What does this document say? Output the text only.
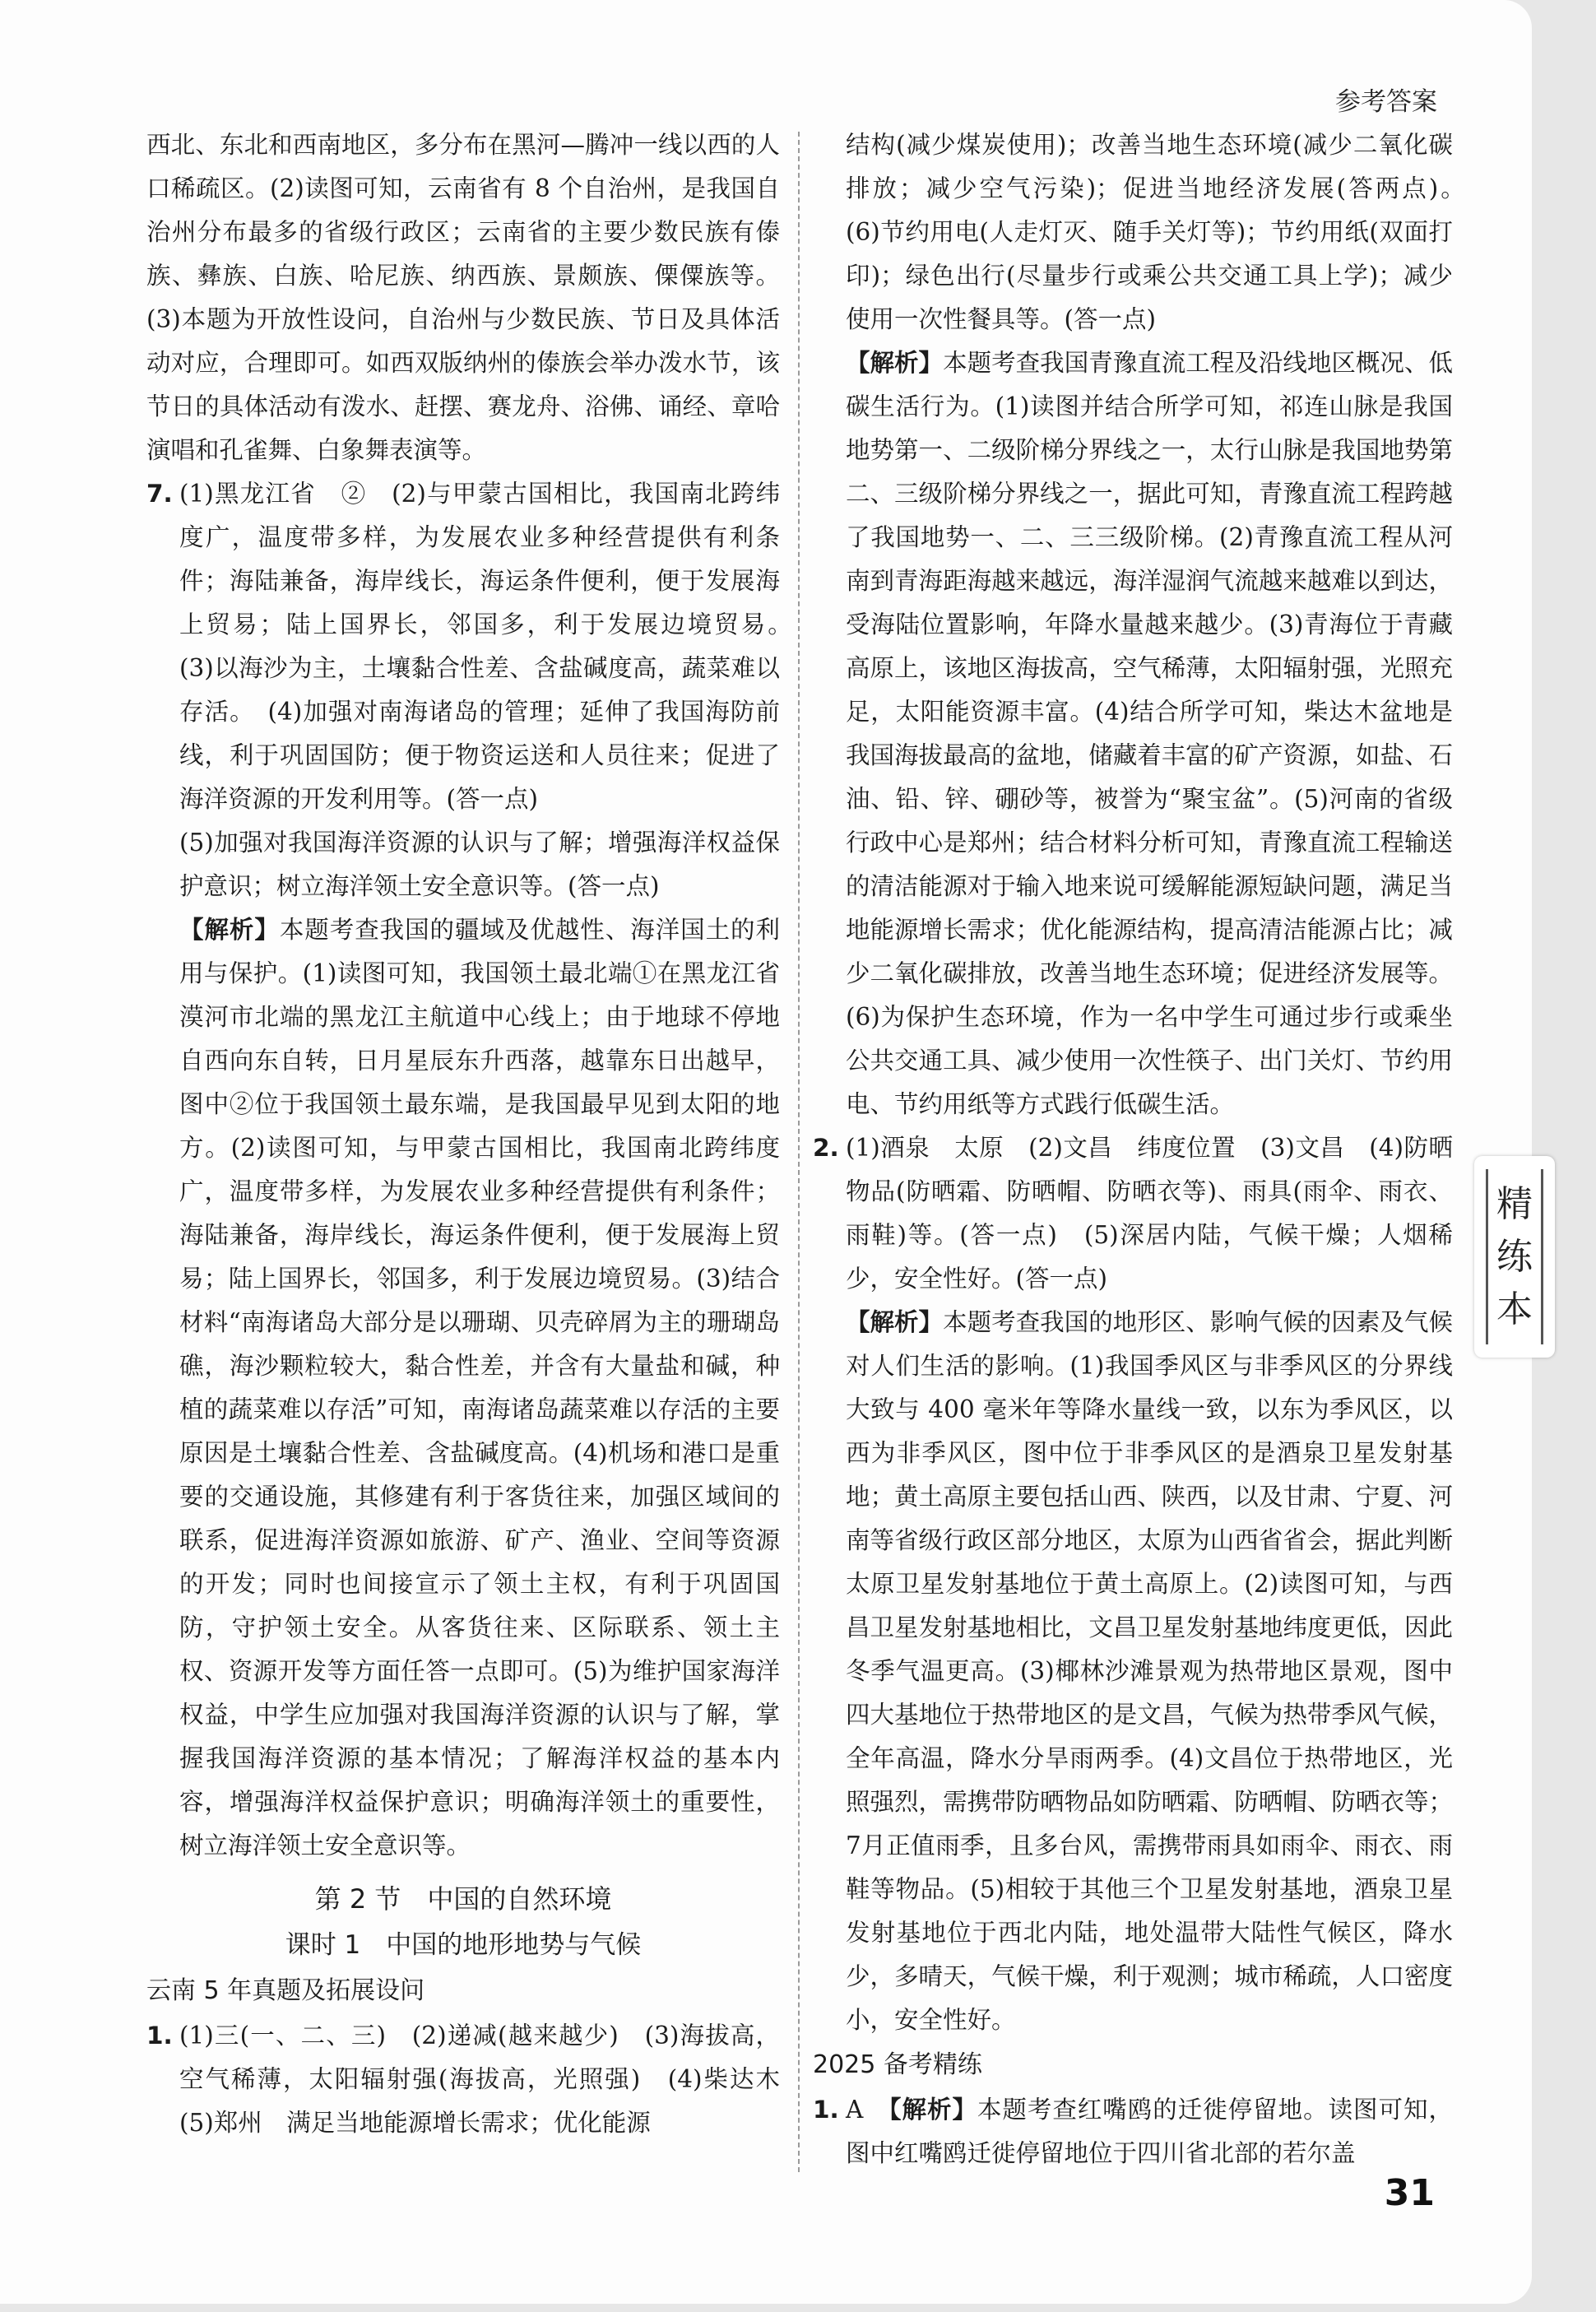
参考答案

西北、东北和西南地区，多分布在黑河—腾冲一线以西的人口稀疏区。(2)读图可知，云南省有 8 个自治州，是我国自治州分布最多的省级行政区；云南省的主要少数民族有傣族、彝族、白族、哈尼族、纳西族、景颇族、傈僳族等。(3)本题为开放性设问，自治州与少数民族、节日及具体活动对应，合理即可。如西双版纳州的傣族会举办泼水节，该节日的具体活动有泼水、赶摆、赛龙舟、浴佛、诵经、章哈演唱和孔雀舞、白象舞表演等。

7. (1)黑龙江省　②　(2)与甲蒙古国相比，我国南北跨纬度广，温度带多样，为发展农业多种经营提供有利条件；海陆兼备，海岸线长，海运条件便利，便于发展海上贸易；陆上国界长，邻国多，利于发展边境贸易。　(3)以海沙为主，土壤黏合性差、含盐碱度高，蔬菜难以存活。　(4)加强对南海诸岛的管理；延伸了我国海防前线，利于巩固国防；便于物资运送和人员往来；促进了海洋资源的开发利用等。(答一点)

(5)加强对我国海洋资源的认识与了解；增强海洋权益保护意识；树立海洋领土安全意识等。(答一点)

【解析】本题考查我国的疆域及优越性、海洋国土的利用与保护。(1)读图可知，我国领土最北端①在黑龙江省漠河市北端的黑龙江主航道中心线上；由于地球不停地自西向东自转，日月星辰东升西落，越靠东日出越早，图中②位于我国领土最东端，是我国最早见到太阳的地方。(2)读图可知，与甲蒙古国相比，我国南北跨纬度广，温度带多样，为发展农业多种经营提供有利条件；海陆兼备，海岸线长，海运条件便利，便于发展海上贸易；陆上国界长，邻国多，利于发展边境贸易。(3)结合材料“南海诸岛大部分是以珊瑚、贝壳碎屑为主的珊瑚岛礁，海沙颗粒较大，黏合性差，并含有大量盐和碱，种植的蔬菜难以存活”可知，南海诸岛蔬菜难以存活的主要原因是土壤黏合性差、含盐碱度高。(4)机场和港口是重要的交通设施，其修建有利于客货往来，加强区域间的联系，促进海洋资源如旅游、矿产、渔业、空间等资源的开发；同时也间接宣示了领土主权，有利于巩固国防，守护领土安全。从客货往来、区际联系、领土主权、资源开发等方面任答一点即可。(5)为维护国家海洋权益，中学生应加强对我国海洋资源的认识与了解，掌握我国海洋资源的基本情况；了解海洋权益的基本内容，增强海洋权益保护意识；明确海洋领土的重要性，树立海洋领土安全意识等。

第 2 节　中国的自然环境
课时 1　中国的地形地势与气候
云南 5 年真题及拓展设问

1. (1)三(一、二、三)　(2)递减(越来越少)　(3)海拔高，空气稀薄，太阳辐射强(海拔高，光照强)　(4)柴达木　(5)郑州　满足当地能源增长需求；优化能源

结构(减少煤炭使用)；改善当地生态环境(减少二氧化碳排放；减少空气污染)；促进当地经济发展(答两点)。　(6)节约用电(人走灯灭、随手关灯等)；节约用纸(双面打印)；绿色出行(尽量步行或乘公共交通工具上学)；减少使用一次性餐具等。(答一点)

【解析】本题考查我国青豫直流工程及沿线地区概况、低碳生活行为。(1)读图并结合所学可知，祁连山脉是我国地势第一、二级阶梯分界线之一，太行山脉是我国地势第二、三级阶梯分界线之一，据此可知，青豫直流工程跨越了我国地势一、二、三三级阶梯。(2)青豫直流工程从河南到青海距海越来越远，海洋湿润气流越来越难以到达，受海陆位置影响，年降水量越来越少。(3)青海位于青藏高原上，该地区海拔高，空气稀薄，太阳辐射强，光照充足，太阳能资源丰富。(4)结合所学可知，柴达木盆地是我国海拔最高的盆地，储藏着丰富的矿产资源，如盐、石油、铅、锌、硼砂等，被誉为“聚宝盆”。(5)河南的省级行政中心是郑州；结合材料分析可知，青豫直流工程输送的清洁能源对于输入地来说可缓解能源短缺问题，满足当地能源增长需求；优化能源结构，提高清洁能源占比；减少二氧化碳排放，改善当地生态环境；促进经济发展等。(6)为保护生态环境，作为一名中学生可通过步行或乘坐公共交通工具、减少使用一次性筷子、出门关灯、节约用电、节约用纸等方式践行低碳生活。

2. (1)酒泉　太原　(2)文昌　纬度位置　(3)文昌　(4)防晒物品(防晒霜、防晒帽、防晒衣等)、雨具(雨伞、雨衣、雨鞋)等。(答一点)　(5)深居内陆，气候干燥；人烟稀少，安全性好。(答一点)

【解析】本题考查我国的地形区、影响气候的因素及气候对人们生活的影响。(1)我国季风区与非季风区的分界线大致与 400 毫米年等降水量线一致，以东为季风区，以西为非季风区，图中位于非季风区的是酒泉卫星发射基地；黄土高原主要包括山西、陕西，以及甘肃、宁夏、河南等省级行政区部分地区，太原为山西省省会，据此判断太原卫星发射基地位于黄土高原上。(2)读图可知，与西昌卫星发射基地相比，文昌卫星发射基地纬度更低，因此冬季气温更高。(3)椰林沙滩景观为热带地区景观，图中四大基地位于热带地区的是文昌，气候为热带季风气候，全年高温，降水分旱雨两季。(4)文昌位于热带地区，光照强烈，需携带防晒物品如防晒霜、防晒帽、防晒衣等；7月正值雨季，且多台风，需携带雨具如雨伞、雨衣、雨鞋等物品。(5)相较于其他三个卫星发射基地，酒泉卫星发射基地位于西北内陆，地处温带大陆性气候区，降水少，多晴天，气候干燥，利于观测；城市稀疏，人口密度小，安全性好。

2025 备考精练

1. A　 【解析】本题考查红嘴鸥的迁徙停留地。读图可知，图中红嘴鸥迁徙停留地位于四川省北部的若尔盖

31
精
练
本
